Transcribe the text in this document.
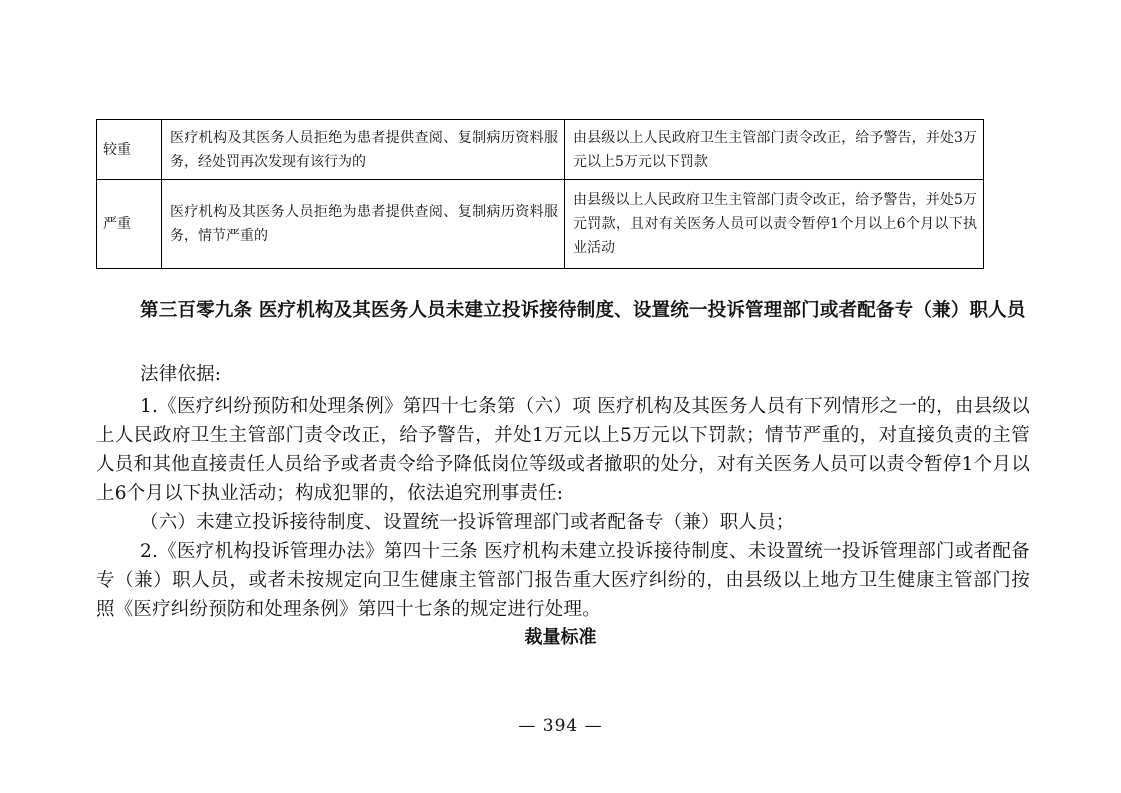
较重	医疗机构及其医务人员拒绝为患者提供查阅、复制病历资料服务，经处罚再次发现有该行为的	由县级以上人民政府卫生主管部门责令改正，给予警告，并处3万元以上5万元以下罚款
严重	医疗机构及其医务人员拒绝为患者提供查阅、复制病历资料服务，情节严重的	由县级以上人民政府卫生主管部门责令改正，给予警告，并处5万元罚款，且对有关医务人员可以责令暂停1个月以上6个月以下执业活动
第三百零九条 医疗机构及其医务人员未建立投诉接待制度、设置统一投诉管理部门或者配备专（兼）职人员
法律依据:
1.《医疗纠纷预防和处理条例》第四十七条第（六）项 医疗机构及其医务人员有下列情形之一的，由县级以上人民政府卫生主管部门责令改正，给予警告，并处1万元以上5万元以下罚款；情节严重的，对直接负责的主管人员和其他直接责任人员给予或者责令给予降低岗位等级或者撤职的处分，对有关医务人员可以责令暂停1个月以上6个月以下执业活动；构成犯罪的，依法追究刑事责任:
（六）未建立投诉接待制度、设置统一投诉管理部门或者配备专（兼）职人员；
2.《医疗机构投诉管理办法》第四十三条 医疗机构未建立投诉接待制度、未设置统一投诉管理部门或者配备专（兼）职人员，或者未按规定向卫生健康主管部门报告重大医疗纠纷的，由县级以上地方卫生健康主管部门按照《医疗纠纷预防和处理条例》第四十七条的规定进行处理。
裁量标准
— 394 —
